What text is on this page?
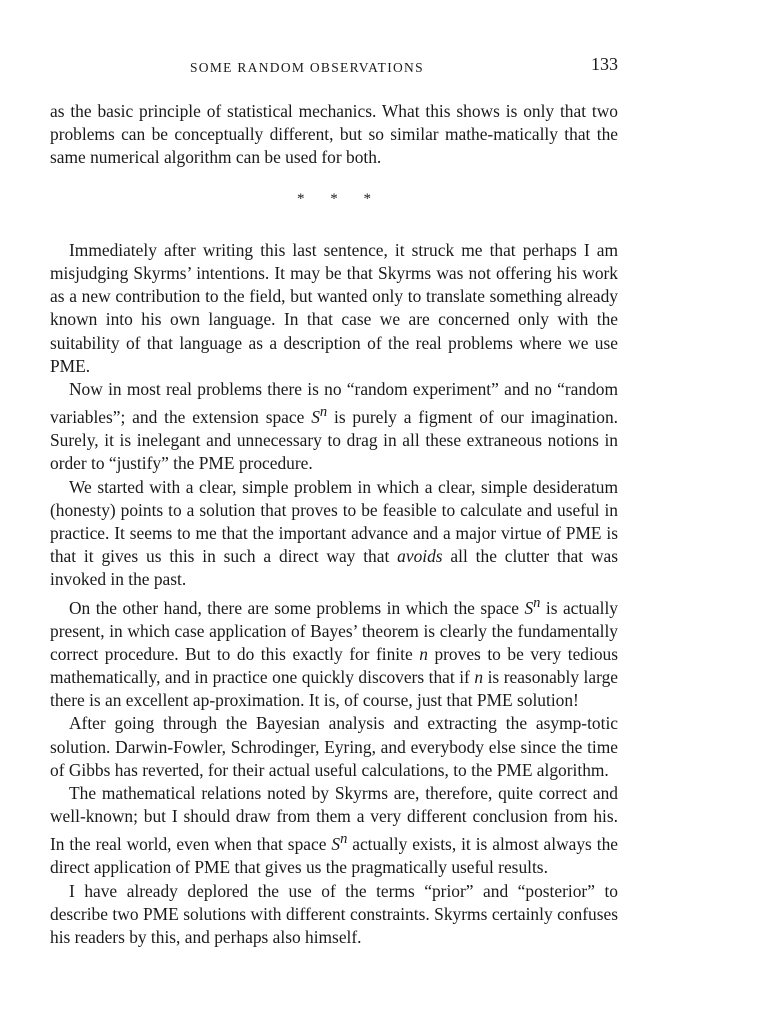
SOME RANDOM OBSERVATIONS	133

as the basic principle of statistical mechanics. What this shows is only that two problems can be conceptually different, but so similar mathe-matically that the same numerical algorithm can be used for both.

* * *

Immediately after writing this last sentence, it struck me that perhaps I am misjudging Skyrms’ intentions. It may be that Skyrms was not offering his work as a new contribution to the field, but wanted only to translate something already known into his own language. In that case we are concerned only with the suitability of that language as a description of the real problems where we use PME.

Now in most real problems there is no “random experiment” and no “random variables”; and the extension space $S^n$ is purely a figment of our imagination. Surely, it is inelegant and unnecessary to drag in all these extraneous notions in order to “justify” the PME procedure.

We started with a clear, simple problem in which a clear, simple desideratum (honesty) points to a solution that proves to be feasible to calculate and useful in practice. It seems to me that the important advance and a major virtue of PME is that it gives us this in such a direct way that avoids all the clutter that was invoked in the past.

On the other hand, there are some problems in which the space $S^n$ is actually present, in which case application of Bayes’ theorem is clearly the fundamentally correct procedure. But to do this exactly for finite n proves to be very tedious mathematically, and in practice one quickly discovers that if n is reasonably large there is an excellent ap-proximation. It is, of course, just that PME solution!

After going through the Bayesian analysis and extracting the asymp-totic solution. Darwin-Fowler, Schrodinger, Eyring, and everybody else since the time of Gibbs has reverted, for their actual useful calculations, to the PME algorithm.

The mathematical relations noted by Skyrms are, therefore, quite correct and well-known; but I should draw from them a very different conclusion from his. In the real world, even when that space $S^n$ actually exists, it is almost always the direct application of PME that gives us the pragmatically useful results.

I have already deplored the use of the terms “prior” and “posterior” to describe two PME solutions with different constraints. Skyrms certainly confuses his readers by this, and perhaps also himself.
